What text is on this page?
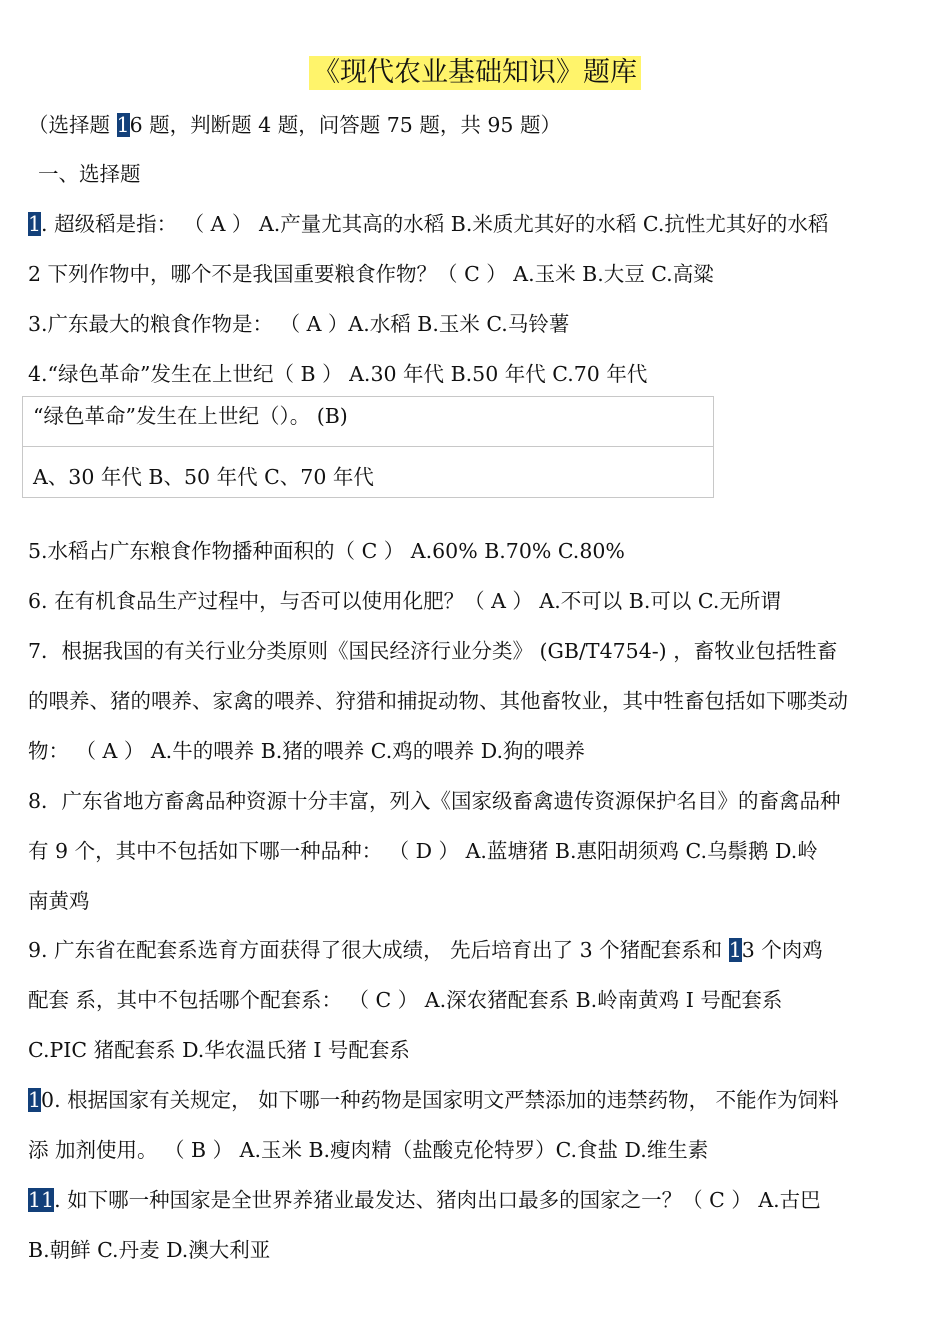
《现代农业基础知识》题库
（选择题 16 题，判断题 4 题，问答题 75 题，共 95 题）
一、选择题
1. 超级稻是指： （ A ） A.产量尤其高的水稻 B.米质尤其好的水稻 C.抗性尤其好的水稻
2 下列作物中，哪个不是我国重要粮食作物？（ C ） A.玉米 B.大豆 C.高粱
3.广东最大的粮食作物是： （ A ）A.水稻 B.玉米 C.马铃薯
4.“绿色革命”发生在上世纪（ B ） A.30 年代 B.50 年代 C.70 年代
“绿色革命”发生在上世纪（）。 (B)
A、30 年代 B、50 年代 C、70 年代
5.水稻占广东粮食作物播种面积的（ C ） A.60% B.70% C.80%
6. 在有机食品生产过程中，与否可以使用化肥？（ A ） A.不可以 B.可以 C.无所谓
7．根据我国的有关行业分类原则《国民经济行业分类》 (GB/T4754-) ，畜牧业包括牲畜
的喂养、猪的喂养、家禽的喂养、狩猎和捕捉动物、其他畜牧业，其中牲畜包括如下哪类动
物： （ A ） A.牛的喂养 B.猪的喂养 C.鸡的喂养 D.狗的喂养
8．广东省地方畜禽品种资源十分丰富，列入《国家级畜禽遗传资源保护名目》的畜禽品种
有 9 个，其中不包括如下哪一种品种： （ D ） A.蓝塘猪 B.惠阳胡须鸡 C.乌鬃鹅 D.岭
南黄鸡
9. 广东省在配套系选育方面获得了很大成绩， 先后培育出了 3 个猪配套系和 13 个肉鸡
配套 系，其中不包括哪个配套系： （ C ） A.深农猪配套系 B.岭南黄鸡 I 号配套系
C.PIC 猪配套系 D.华农温氏猪 I 号配套系
10. 根据国家有关规定， 如下哪一种药物是国家明文严禁添加的违禁药物， 不能作为饲料
添 加剂使用。 （ B ） A.玉米 B.瘦肉精（盐酸克伦特罗）C.食盐 D.维生素
11. 如下哪一种国家是全世界养猪业最发达、猪肉出口最多的国家之一？（ C ） A.古巴
B.朝鲜 C.丹麦 D.澳大利亚
